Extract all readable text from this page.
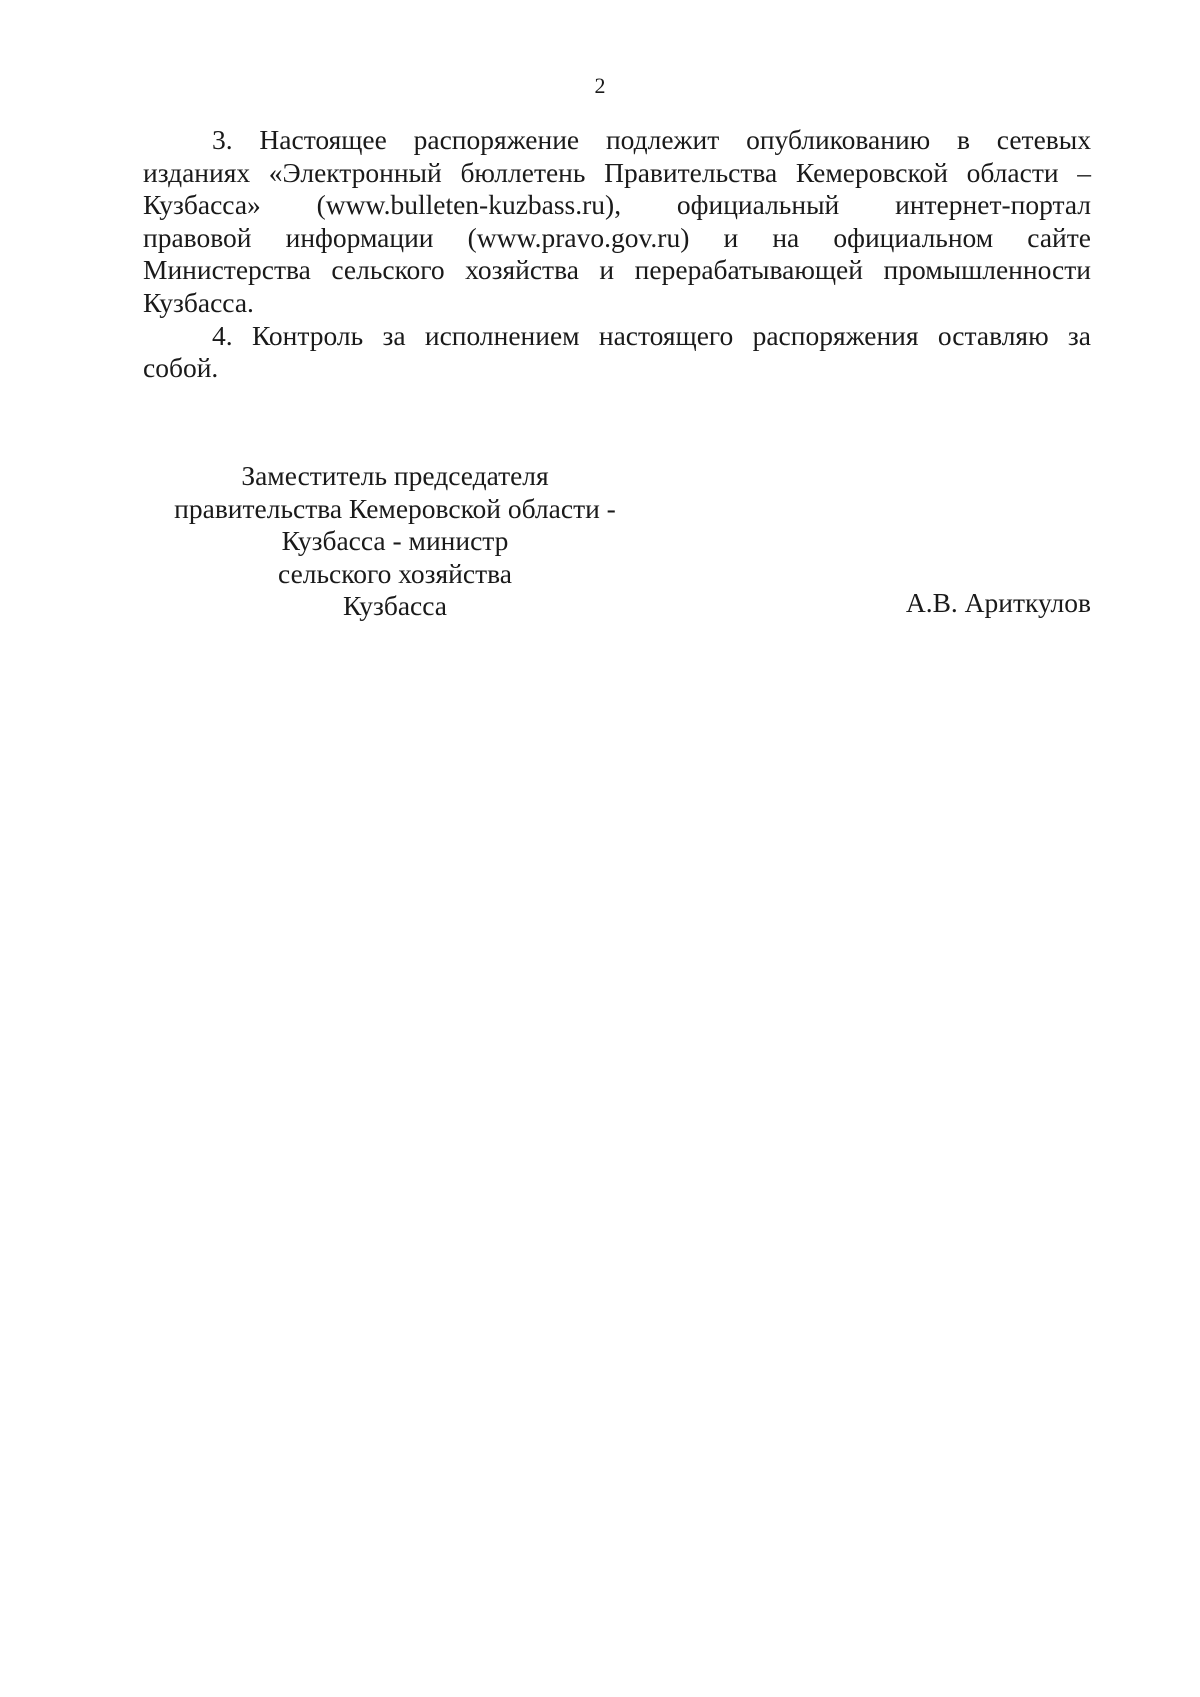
2

3. Настоящее распоряжение подлежит опубликованию в сетевых
изданиях «Электронный бюллетень Правительства Кемеровской области –
Кузбасса» (www.bulleten-kuzbass.ru), официальный интернет-портал
правовой информации (www.pravo.gov.ru) и на официальном сайте
Министерства сельского хозяйства и перерабатывающей промышленности
Кузбасса.

4. Контроль за исполнением настоящего распоряжения оставляю за
собой.

Заместитель председателя
правительства Кемеровской области -
Кузбасса - министр
сельского хозяйства
Кузбасса	А.В. Ариткулов
